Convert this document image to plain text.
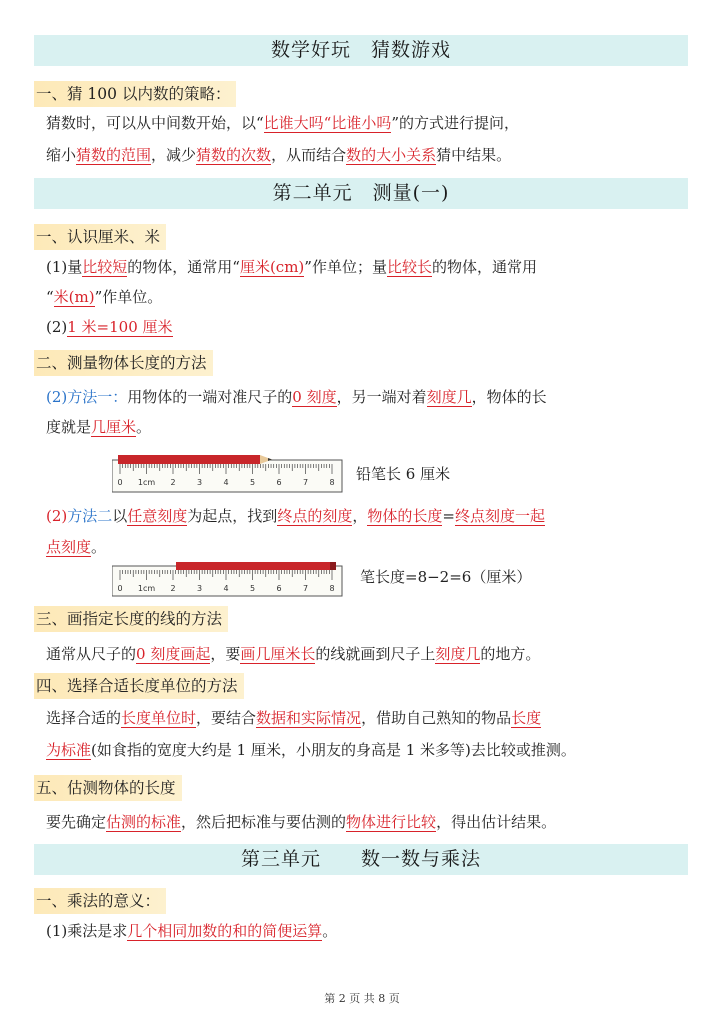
数学好玩　猜数游戏
一、猜 100 以内数的策略：
猜数时，可以从中间数开始，以“比谁大吗“比谁小吗”的方式进行提问，
缩小猜数的范围，减少猜数的次数，从而结合数的大小关系猜中结果。
第二单元　测量(一)
一、认识厘米、米
(1)量比较短的物体，通常用“厘米(cm)”作单位；量比较长的物体，通常用
“米(m)”作单位。
(2)1 米=100 厘米
二、测量物体长度的方法
(2)方法一：用物体的一端对准尺子的0 刻度，另一端对着刻度几，物体的长
度就是几厘米。
0 1cm 2	3	4	5	6	7	8 铅笔长 6 厘米
(2)方法二以任意刻度为起点，找到终点的刻度，物体的长度=终点刻度一起
点刻度。
0 1cm 2	3	4	5	6	7	8
笔长度=8−2=6（厘米）
三、画指定长度的线的方法
通常从尺子的0 刻度画起，要画几厘米长的线就画到尺子上刻度几的地方。
四、选择合适长度单位的方法
选择合适的长度单位时，要结合数据和实际情况，借助自己熟知的物品长度
为标准(如食指的宽度大约是 1 厘米，小朋友的身高是 1 米多等)去比较或推测。
五、估测物体的长度
要先确定估测的标准，然后把标准与要估测的物体进行比较，得出估计结果。
第三单元　　数一数与乘法
一、乘法的意义：
(1)乘法是求几个相同加数的和的简便运算。
第 2 页 共 8 页
